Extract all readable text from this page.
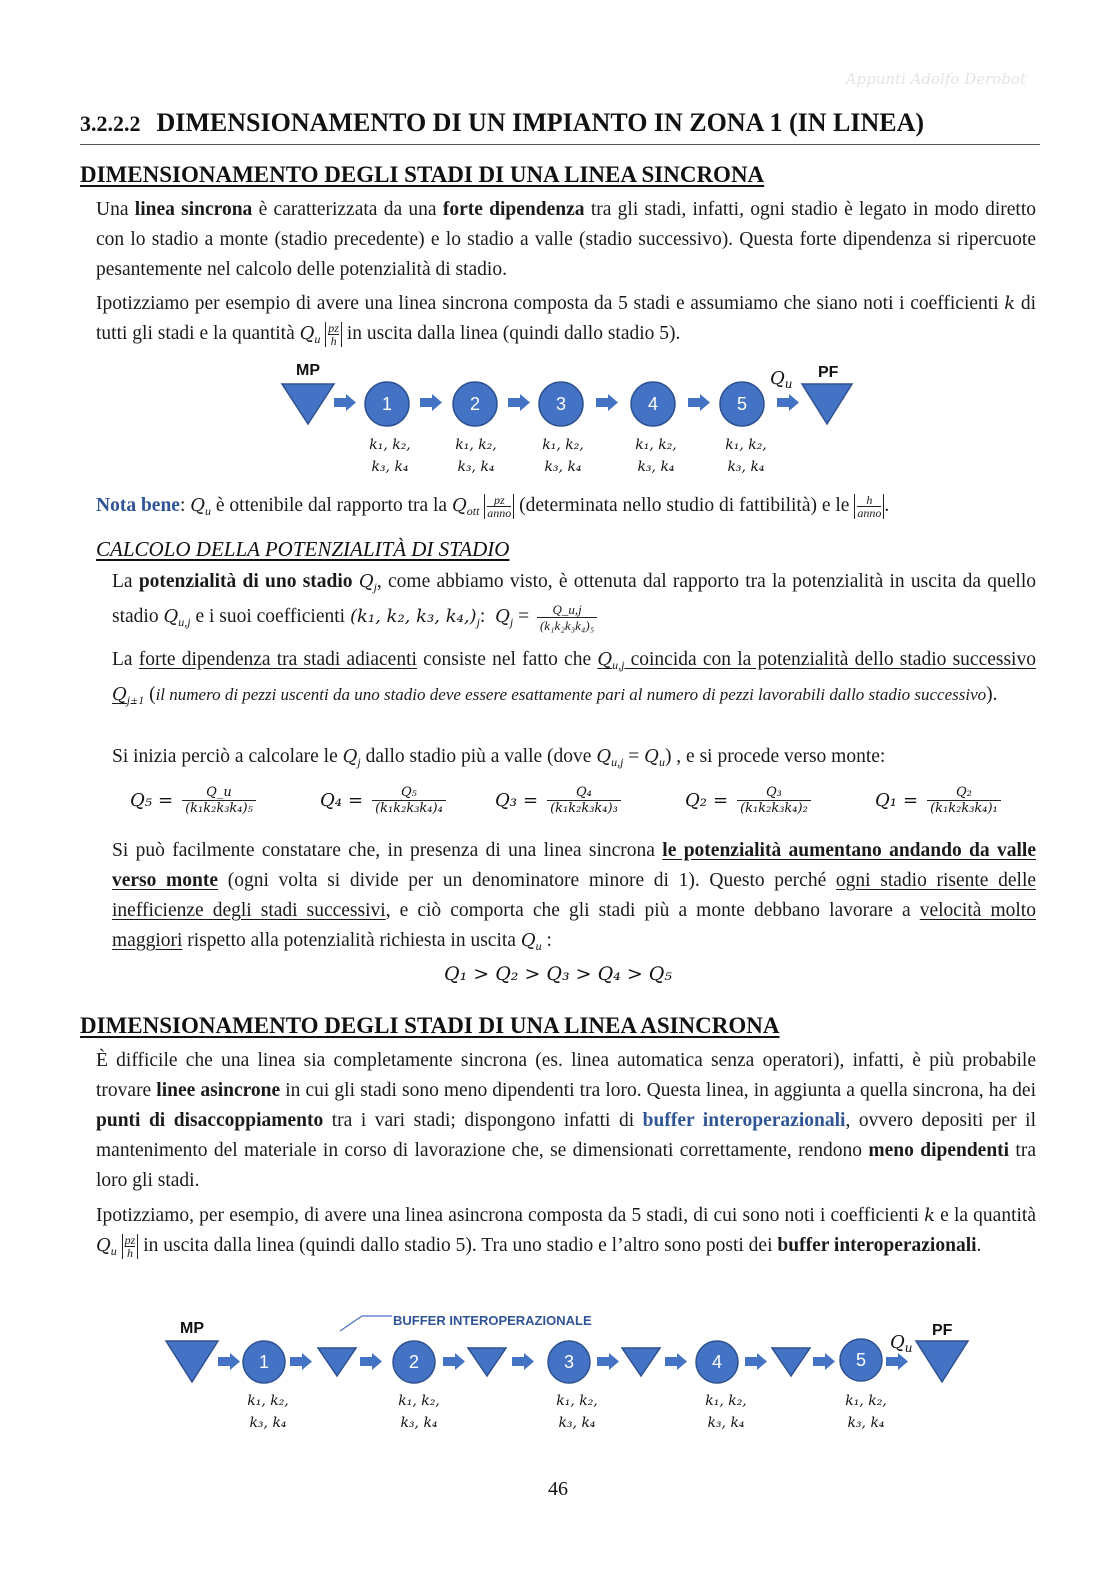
Appunti Adolfo Derobot
3.2.2.2 DIMENSIONAMENTO DI UN IMPIANTO IN ZONA 1 (IN LINEA)
DIMENSIONAMENTO DEGLI STADI DI UNA LINEA SINCRONA
Una linea sincrona è caratterizzata da una forte dipendenza tra gli stadi, infatti, ogni stadio è legato in modo diretto con lo stadio a monte (stadio precedente) e lo stadio a valle (stadio successivo). Questa forte dipendenza si ripercuote pesantemente nel calcolo delle potenzialità di stadio.
Ipotizziamo per esempio di avere una linea sincrona composta da 5 stadi e assumiamo che siano noti i coefficienti k di tutti gli stadi e la quantità $Q_u \frac{pz}{h}$ in uscita dalla linea (quindi dallo stadio 5).
1	2	3	4	5
MP	PF
$Q_u$
k₁, k₂,
k₃, k₄
k₁, k₂,
k₃, k₄
k₁, k₂,
k₃, k₄
k₁, k₂,
k₃, k₄
k₁, k₂,
k₃, k₄
Nota bene: $Q_u$ è ottenibile dal rapporto tra la $Q_{ott} \frac{pz}{\text{anno}}$ (determinata nello studio di fattibilità) e le $\frac{h}{\text{anno}}$.
CALCOLO DELLA POTENZIALITÀ DI STADIO
La potenzialità di uno stadio $Q_j$, come abbiamo visto, è ottenuta dal rapporto tra la potenzialità in uscita da quello stadio $Q_{u,j}$ e i suoi coefficienti (k₁, k₂, k₃, $k_4,)_j$: $Q_j = \frac{Q\_u,j}{\text{(k₁k₂k₃k₄)₅}}$
La forte dipendenza tra stadi adiacenti consiste nel fatto che $Q_{u,j}$ coincida con la potenzialità dello stadio successivo $Q_{j+1}$ (il numero di pezzi uscenti da uno stadio deve essere esattamente pari al numero di pezzi lavorabili dallo stadio successivo).
Si inizia perciò a calcolare le $Q_j$ dallo stadio più a valle (dove $Q_{u,j} = Q_u$) , e si procede verso monte:
$Q_5 = \frac{Q\_u}{\text{(k₁k₂k₃k₄)₅}}$	$Q_4 = \frac{\text{Q₅}}{\text{(k₁k₂k₃k₄)₄}}$	$Q_3 = \frac{\text{Q₄}}{\text{(k₁k₂k₃k₄)₃}}$	$Q_2 = \frac{\text{Q₃}}{\text{(k₁k₂k₃k₄)₂}}$	$Q_1 = \frac{\text{Q₂}}{\text{(k₁k₂k₃k₄)₁}}$
Si può facilmente constatare che, in presenza di una linea sincrona le potenzialità aumentano andando da valle verso monte (ogni volta si divide per un denominatore minore di 1). Questo perché ogni stadio risente delle inefficienze degli stadi successivi, e ciò comporta che gli stadi più a monte debbano lavorare a velocità molto maggiori rispetto alla potenzialità richiesta in uscita $Q_u$ :
Q₁ > Q₂ > Q₃ > Q₄ > Q₅
DIMENSIONAMENTO DEGLI STADI DI UNA LINEA ASINCRONA
È difficile che una linea sia completamente sincrona (es. linea automatica senza operatori), infatti, è più probabile trovare linee asincrone in cui gli stadi sono meno dipendenti tra loro. Questa linea, in aggiunta a quella sincrona, ha dei punti di disaccoppiamento tra i vari stadi; dispongono infatti di buffer interoperazionali, ovvero depositi per il mantenimento del materiale in corso di lavorazione che, se dimensionati correttamente, rendono meno dipendenti tra loro gli stadi.
Ipotizziamo, per esempio, di avere una linea asincrona composta da 5 stadi, di cui sono noti i coefficienti k e la quantità $Q_u \frac{pz}{h}$ in uscita dalla linea (quindi dallo stadio 5). Tra uno stadio e l’altro sono posti dei buffer interoperazionali.
1	2	3	4	5
MP	PF
$Q_u$
k₁, k₂,
k₃, k₄
k₁, k₂,
k₃, k₄
k₁, k₂,
k₃, k₄
k₁, k₂,
k₃, k₄
k₁, k₂,
k₃, k₄
BUFFER INTEROPERAZIONALE
46
